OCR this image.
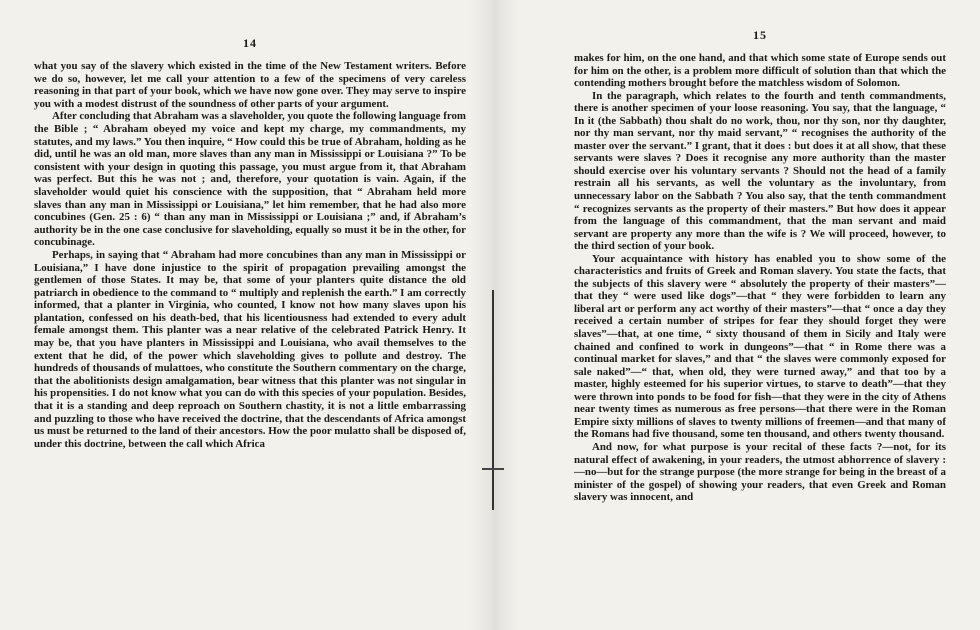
14

what you say of the slavery which existed in the time of the New Testament writers. Before we do so, however, let me call your attention to a few of the specimens of very careless reasoning in that part of your book, which we have now gone over. They may serve to inspire you with a modest distrust of the soundness of other parts of your argument.

After concluding that Abraham was a slaveholder, you quote the following language from the Bible ; “ Abraham obeyed my voice and kept my charge, my commandments, my statutes, and my laws.” You then inquire, “ How could this be true of Abraham, holding as he did, until he was an old man, more slaves than any man in Mississippi or Louisiana ?” To be consistent with your design in quoting this passage, you must argue from it, that Abraham was perfect. But this he was not ; and, therefore, your quotation is vain. Again, if the slaveholder would quiet his conscience with the supposition, that “ Abraham held more slaves than any man in Mississippi or Louisiana,” let him remember, that he had also more concubines (Gen. 25 : 6) “ than any man in Mississippi or Louisiana ;” and, if Abraham’s authority be in the one case conclusive for slaveholding, equally so must it be in the other, for concubinage.

Perhaps, in saying that “ Abraham had more concubines than any man in Mississippi or Louisiana,” I have done injustice to the spirit of propagation prevailing amongst the gentlemen of those States. It may be, that some of your planters quite distance the old patriarch in obedience to the command to “ multiply and replenish the earth.” I am correctly informed, that a planter in Virginia, who counted, I know not how many slaves upon his plantation, confessed on his death-bed, that his licentiousness had extended to every adult female amongst them. This planter was a near relative of the celebrated Patrick Henry. It may be, that you have planters in Mississippi and Louisiana, who avail themselves to the extent that he did, of the power which slaveholding gives to pollute and destroy. The hundreds of thousands of mulattoes, who constitute the Southern commentary on the charge, that the abolitionists design amalgamation, bear witness that this planter was not singular in his propensities. I do not know what you can do with this species of your population. Besides, that it is a standing and deep reproach on Southern chastity, it is not a little embarrassing and puzzling to those who have received the doctrine, that the descendants of Africa amongst us must be returned to the land of their ancestors. How the poor mulatto shall be disposed of, under this doctrine, between the call which Africa

15

makes for him, on the one hand, and that which some state of Europe sends out for him on the other, is a problem more difficult of solution than that which the contending mothers brought before the matchless wisdom of Solomon.

In the paragraph, which relates to the fourth and tenth commandments, there is another specimen of your loose reasoning. You say, that the language, “ In it (the Sabbath) thou shalt do no work, thou, nor thy son, nor thy daughter, nor thy man servant, nor thy maid servant,” “ recognises the authority of the master over the servant.” I grant, that it does : but does it at all show, that these servants were slaves ? Does it recognise any more authority than the master should exercise over his voluntary servants ? Should not the head of a family restrain all his servants, as well the voluntary as the involuntary, from unnecessary labor on the Sabbath ? You also say, that the tenth commandment “ recognizes servants as the property of their masters.” But how does it appear from the language of this commandment, that the man servant and maid servant are property any more than the wife is ? We will proceed, however, to the third section of your book.

Your acquaintance with history has enabled you to show some of the characteristics and fruits of Greek and Roman slavery. You state the facts, that the subjects of this slavery were “ absolutely the property of their masters”—that they “ were used like dogs”—that “ they were forbidden to learn any liberal art or perform any act worthy of their masters”—that “ once a day they received a certain number of stripes for fear they should forget they were slaves”—that, at one time, “ sixty thousand of them in Sicily and Italy were chained and confined to work in dungeons”—that “ in Rome there was a continual market for slaves,” and that “ the slaves were commonly exposed for sale naked”—“ that, when old, they were turned away,” and that too by a master, highly esteemed for his superior virtues, to starve to death”—that they were thrown into ponds to be food for fish—that they were in the city of Athens near twenty times as numerous as free persons—that there were in the Roman Empire sixty millions of slaves to twenty millions of freemen—and that many of the Romans had five thousand, some ten thousand, and others twenty thousand.

And now, for what purpose is your recital of these facts ?—not, for its natural effect of awakening, in your readers, the utmost abhorrence of slavery :—no—but for the strange purpose (the more strange for being in the breast of a minister of the gospel) of showing your readers, that even Greek and Roman slavery was innocent, and
